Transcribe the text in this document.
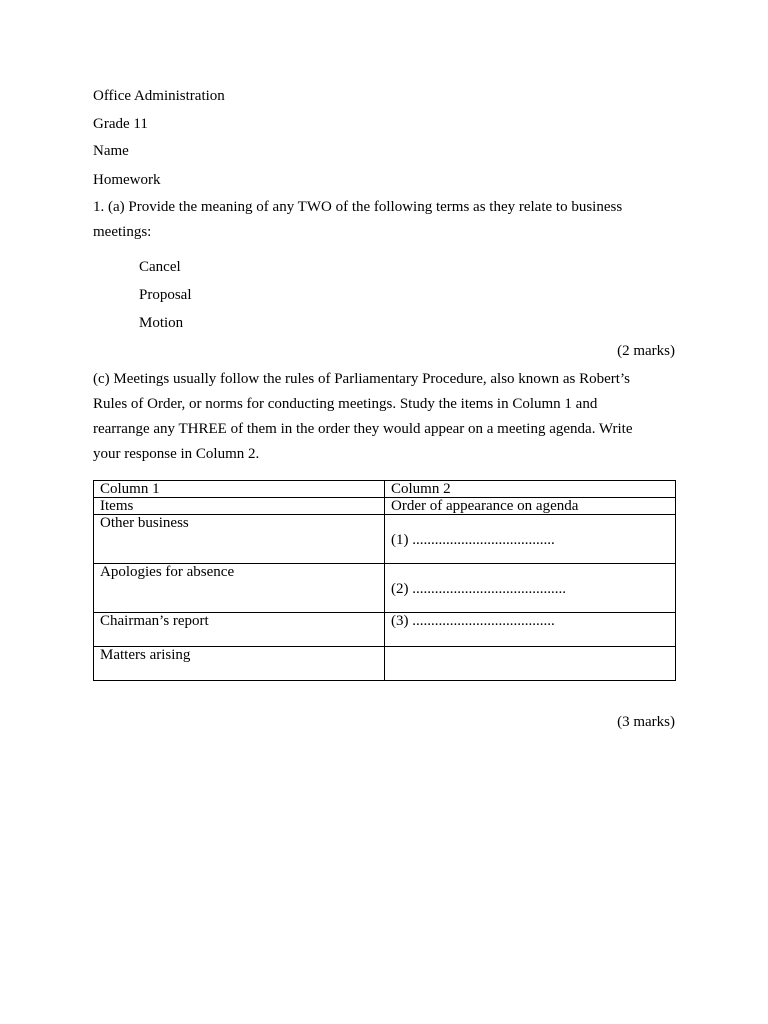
Office Administration
Grade 11
Name
Homework

1. (a) Provide the meaning of any TWO of the following terms as they relate to business

meetings:

Cancel
Proposal
Motion
(2 marks)

(c) Meetings usually follow the rules of Parliamentary Procedure, also known as Robert’s

Rules of Order, or norms for conducting meetings. Study the items in Column 1 and

rearrange any THREE of them in the order they would appear on a meeting agenda. Write

your response in Column 2.

Column 1	Column 2
Items	Order of appearance on agenda
Other business	(1) ......................................

Apologies for absence	(2) .........................................

Chairman’s report	(3) ......................................
Matters arising	
(3 marks)
